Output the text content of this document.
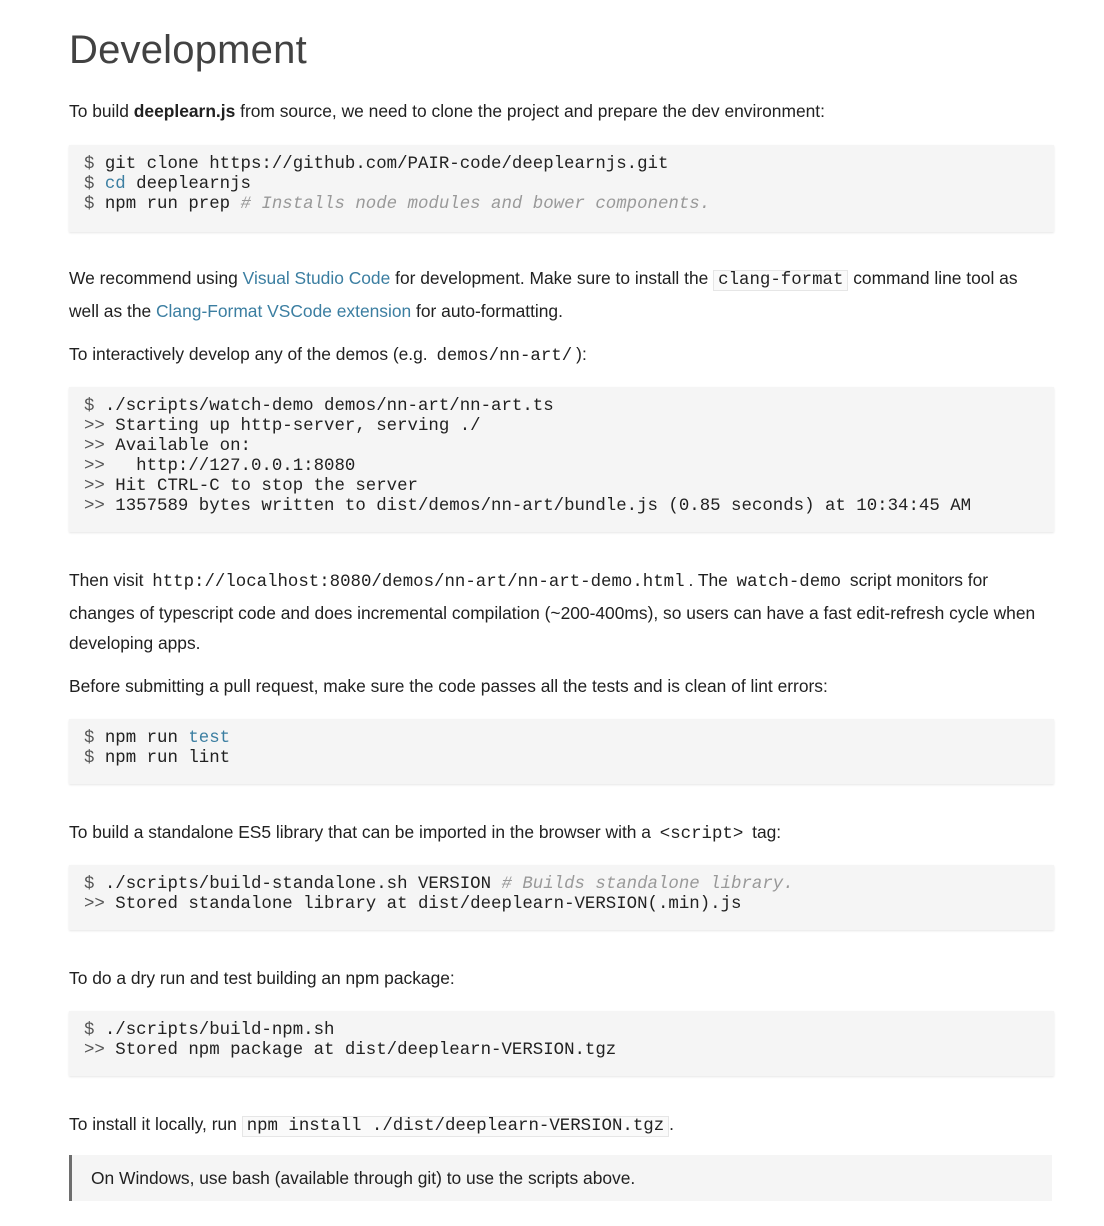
Development

To build deeplearn.js from source, we need to clone the project and prepare the dev environment:

$ git clone https://github.com/PAIR-code/deeplearnjs.git
$ cd deeplearnjs
$ npm run prep # Installs node modules and bower components.

We recommend using Visual Studio Code for development. Make sure to install the clang-format command line tool as well as the Clang-Format VSCode extension for auto-formatting.

To interactively develop any of the demos (e.g. demos/nn-art/ ):

$ ./scripts/watch-demo demos/nn-art/nn-art.ts
>> Starting up http-server, serving ./
>> Available on:
>>   http://127.0.0.1:8080
>> Hit CTRL-C to stop the server
>> 1357589 bytes written to dist/demos/nn-art/bundle.js (0.85 seconds) at 10:34:45 AM

Then visit http://localhost:8080/demos/nn-art/nn-art-demo.html . The watch-demo script monitors for changes of typescript code and does incremental compilation (~200-400ms), so users can have a fast edit-refresh cycle when developing apps.

Before submitting a pull request, make sure the code passes all the tests and is clean of lint errors:

$ npm run test
$ npm run lint

To build a standalone ES5 library that can be imported in the browser with a <script> tag:

$ ./scripts/build-standalone.sh VERSION # Builds standalone library.
>> Stored standalone library at dist/deeplearn-VERSION(.min).js

To do a dry run and test building an npm package:

$ ./scripts/build-npm.sh
>> Stored npm package at dist/deeplearn-VERSION.tgz

To install it locally, run npm install ./dist/deeplearn-VERSION.tgz .

On Windows, use bash (available through git) to use the scripts above.
